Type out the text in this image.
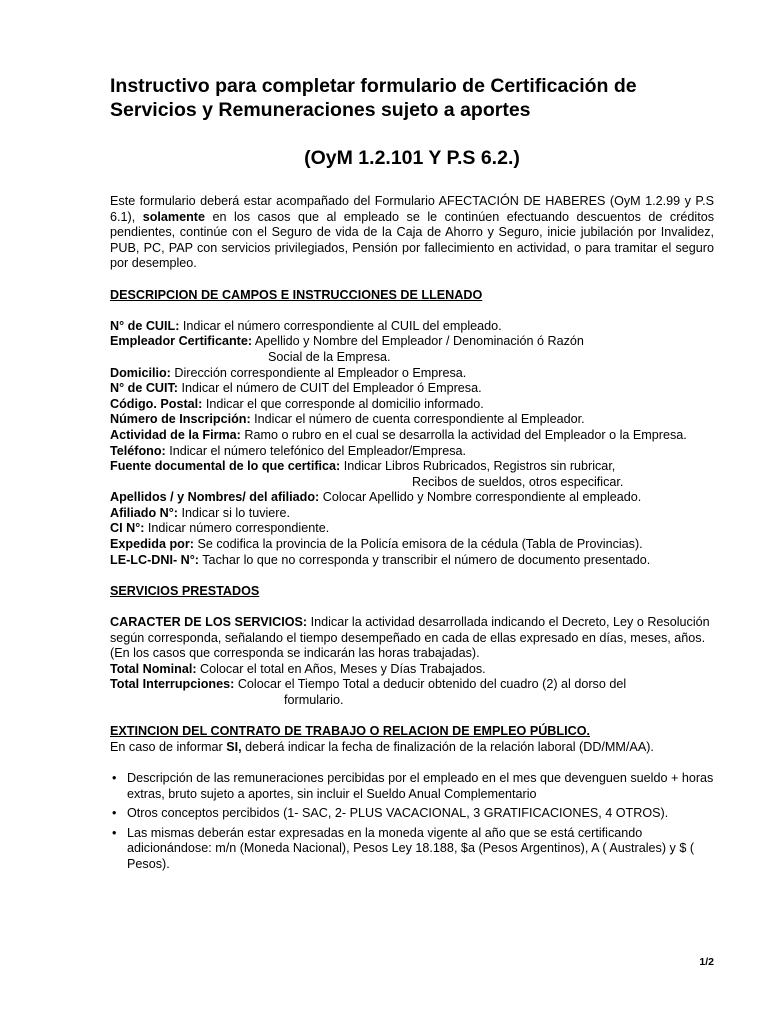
Instructivo para completar formulario de Certificación de Servicios y Remuneraciones sujeto a aportes
(OyM 1.2.101 Y P.S 6.2.)

Este formulario deberá estar acompañado del Formulario AFECTACIÓN DE HABERES (OyM 1.2.99 y P.S 6.1), solamente en los casos que al empleado se le continúen efectuando descuentos de créditos pendientes, continúe con el Seguro de vida de la Caja de Ahorro y Seguro, inicie jubilación por Invalidez, PUB, PC, PAP con servicios privilegiados, Pensión por fallecimiento en actividad, o para tramitar el seguro por desempleo.

DESCRIPCION DE CAMPOS E INSTRUCCIONES DE LLENADO

N° de CUIL: Indicar el número correspondiente al CUIL del empleado.

Empleador Certificante: Apellido y Nombre del Empleador / Denominación ó Razón
Social de la Empresa.

Domicilio: Dirección correspondiente al Empleador o Empresa.

N° de CUIT: Indicar el número de CUIT del Empleador ó Empresa.

Código. Postal: Indicar el que corresponde al domicilio informado.

Número de Inscripción: Indicar el número de cuenta correspondiente al Empleador.

Actividad de la Firma: Ramo o rubro en el cual se desarrolla la actividad del Empleador o la Empresa.

Teléfono: Indicar el número telefónico del Empleador/Empresa.

Fuente documental de lo que certifica: Indicar Libros Rubricados, Registros sin rubricar,
Recibos de sueldos, otros especificar.

Apellidos / y Nombres/ del afiliado: Colocar Apellido y Nombre correspondiente al empleado.

Afiliado N°: Indicar si lo tuviere.

CI N°: Indicar número correspondiente.

Expedida por: Se codifica la provincia de la Policía emisora de la cédula (Tabla de Provincias).

LE-LC-DNI- N°: Tachar lo que no corresponda y transcribir el número de documento presentado.

SERVICIOS PRESTADOS

CARACTER DE LOS SERVICIOS: Indicar la actividad desarrollada indicando el Decreto, Ley o Resolución según corresponda, señalando el tiempo desempeñado en cada de ellas expresado en días, meses, años. (En los casos que corresponda se indicarán las horas trabajadas).

Total Nominal: Colocar el total en Años, Meses y Días Trabajados.

Total Interrupciones: Colocar el Tiempo Total a deducir obtenido del cuadro (2) al dorso del
formulario.

EXTINCION DEL CONTRATO DE TRABAJO O RELACION DE EMPLEO PÚBLICO.

En caso de informar SI, deberá indicar la fecha de finalización de la relación laboral (DD/MM/AA).

• Descripción de las remuneraciones percibidas por el empleado en el mes que devenguen sueldo + horas extras, bruto sujeto a aportes, sin incluir el Sueldo Anual Complementario
• Otros conceptos percibidos (1- SAC, 2- PLUS VACACIONAL, 3 GRATIFICACIONES, 4 OTROS).
• Las mismas deberán estar expresadas en la moneda vigente al año que se está certificando adicionándose: m/n (Moneda Nacional), Pesos Ley 18.188, $a (Pesos Argentinos), A ( Australes) y $ ( Pesos).
1/2
